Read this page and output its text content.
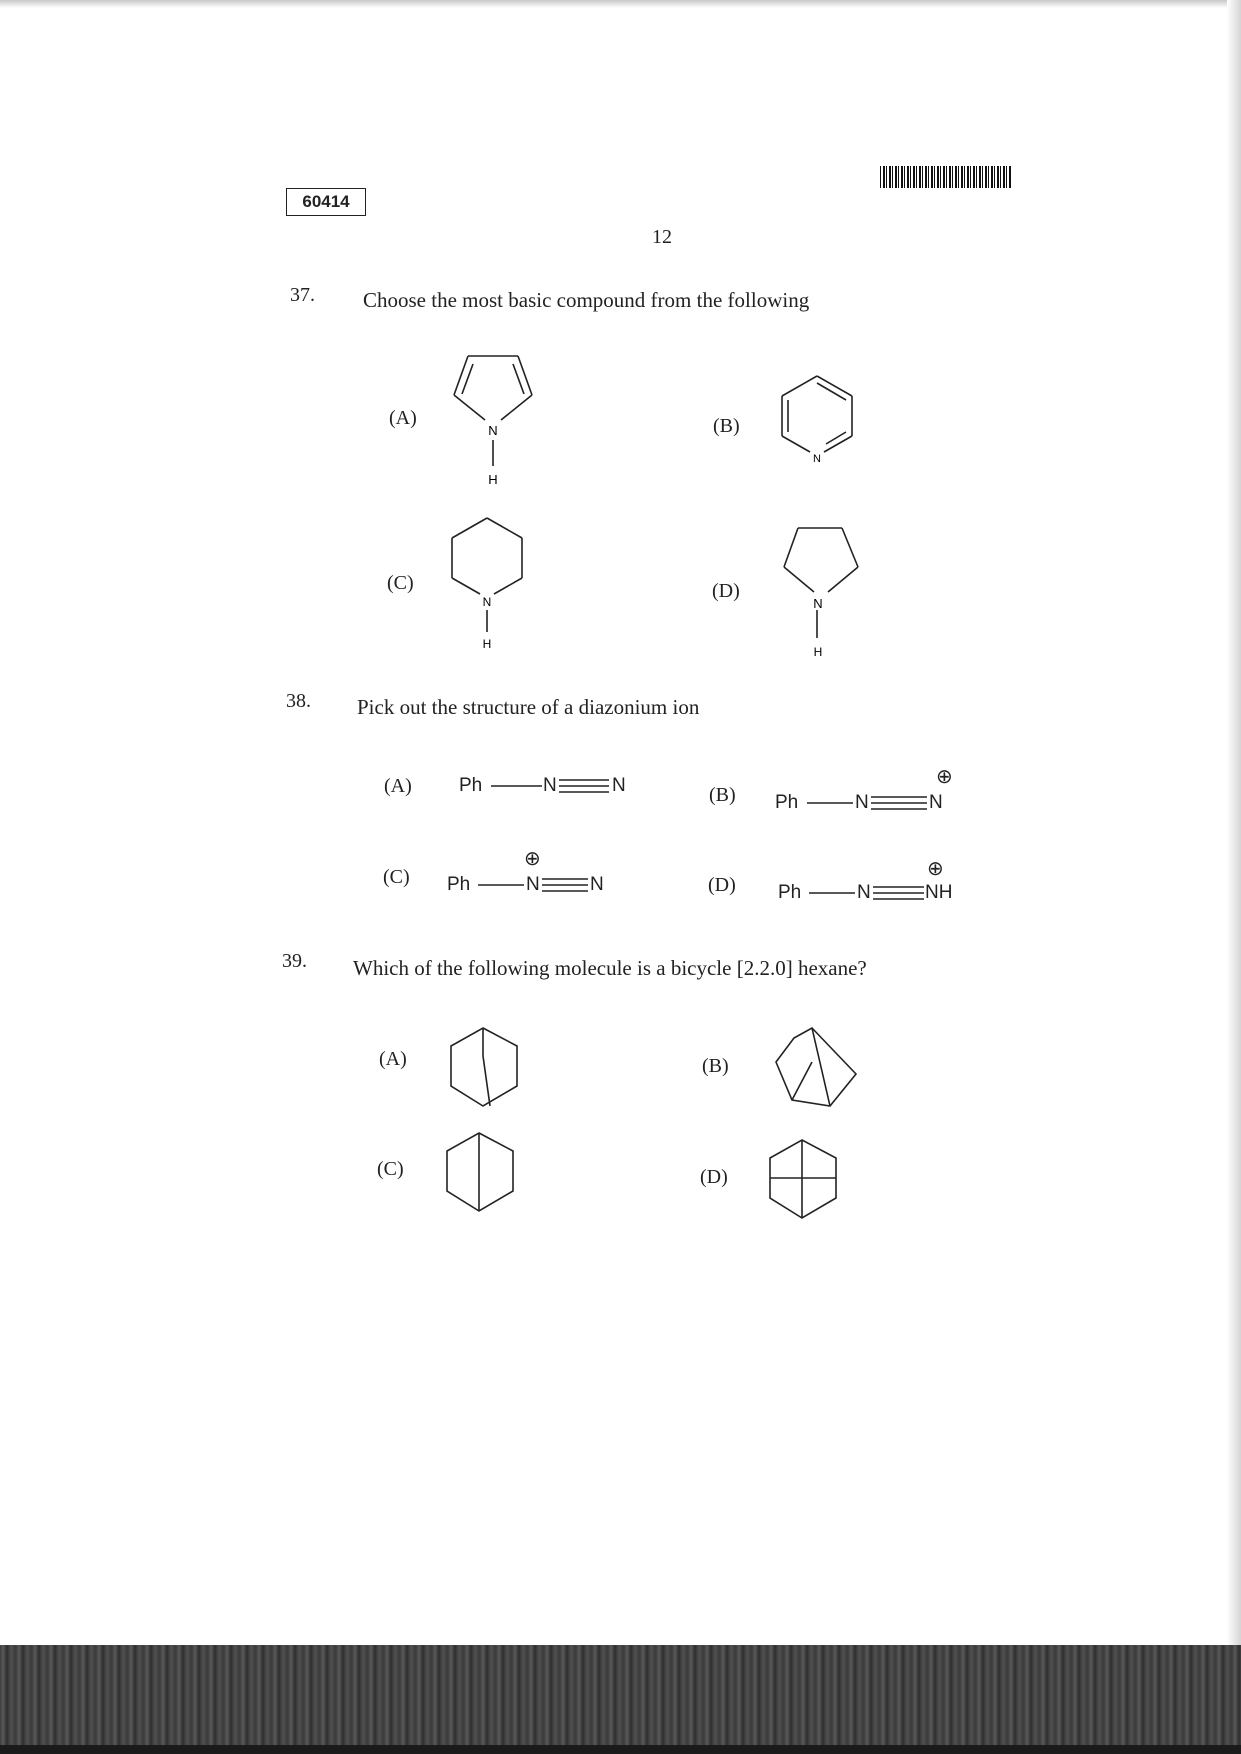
60414
12
37. Choose the most basic compound from the following
(A)
N
H
(B)
N
(C)
N
H
(D)
N
H
38. Pick out the structure of a diazonium ion
(A) Ph	N	N	(B) Ph	N	N
⊕
(C) Ph	N	N
⊕
(D) Ph	N	NH
⊕
39. Which of the following molecule is a bicycle [2.2.0] hexane?
(A)	(B)
(C)	(D)
